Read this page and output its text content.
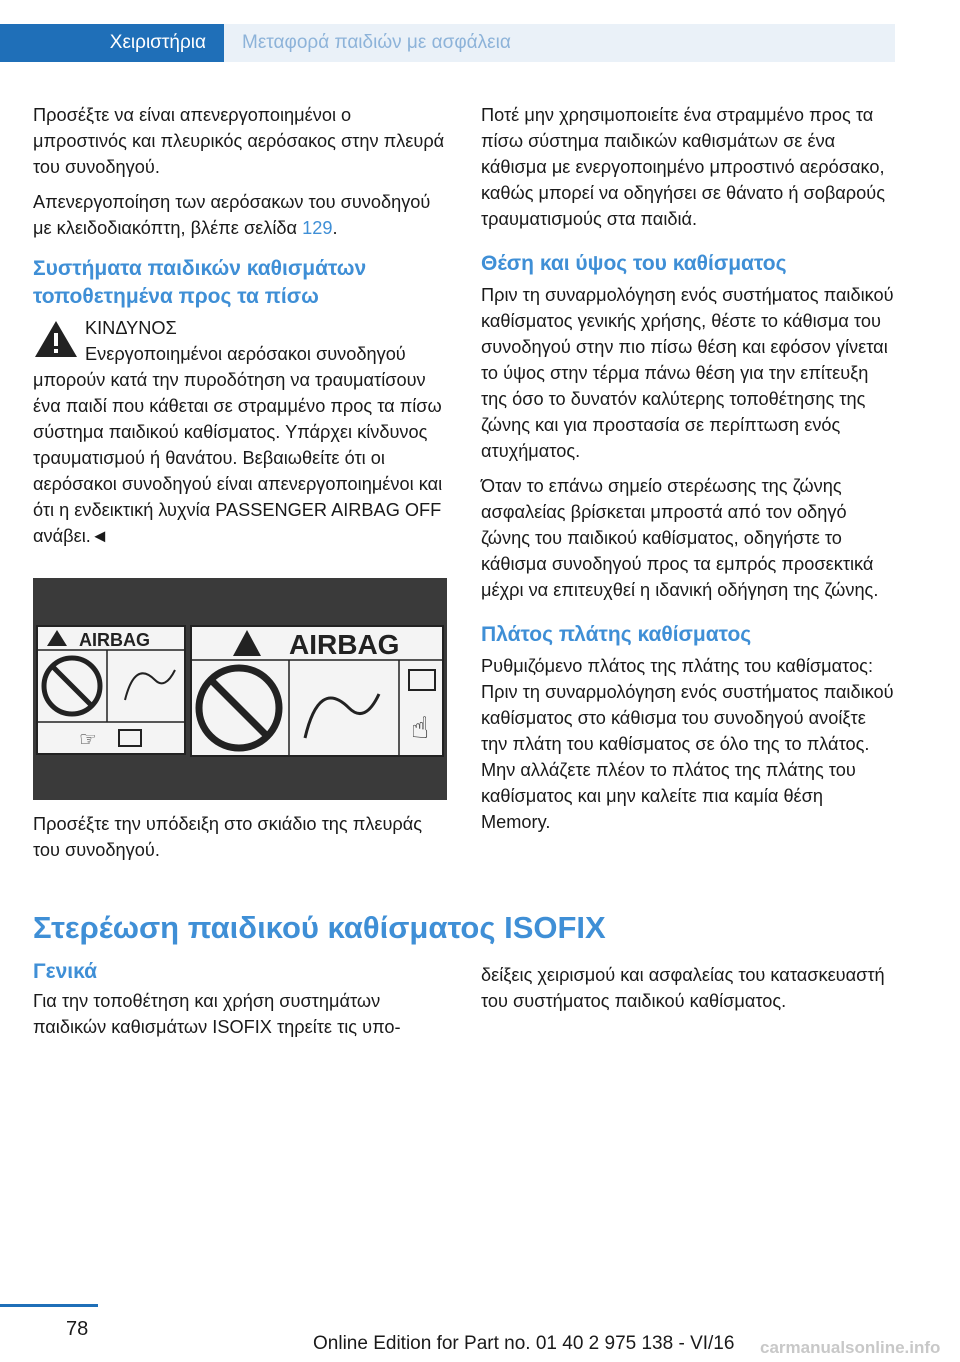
Χειριστήρια	Μεταφορά παιδιών με ασφάλεια

Προσέξτε να είναι απενεργοποιημένοι ο μπροστινός και πλευρικός αερόσακος στην πλευρά του συνοδηγού.

Απενεργοποίηση των αερόσακων του συνοδηγού με κλειδοδιακόπτη, βλέπε σελίδα 129.

Συστήματα παιδικών καθισμάτων τοποθετημένα προς τα πίσω
ΚΙΝΔΥΝΟΣ
Ενεργοποιημένοι αερόσακοι συνοδηγού

μπορούν κατά την πυροδότηση να τραυματίσουν ένα παιδί που κάθεται σε στραμμένο προς τα πίσω σύστημα παιδικού καθίσματος. Υπάρχει κίνδυνος τραυματισμού ή θανάτου. Βεβαιωθείτε ότι οι αερόσακοι συνοδηγού είναι απενεργοποιημένοι και ότι η ενδεικτική λυχνία PASSENGER AIRBAG OFF ανάβει.◄

AIRBAG
☞
AIRBAG
☝
Προσέξτε την υπόδειξη στο σκιάδιο της πλευράς του συνοδηγού.

Ποτέ μην χρησιμοποιείτε ένα στραμμένο προς τα πίσω σύστημα παιδικών καθισμάτων σε ένα κάθισμα με ενεργοποιημένο μπροστινό αερόσακο, καθώς μπορεί να οδηγήσει σε θάνατο ή σοβαρούς τραυματισμούς στα παιδιά.

Θέση και ύψος του καθίσματος

Πριν τη συναρμολόγηση ενός συστήματος παιδικού καθίσματος γενικής χρήσης, θέστε το κάθισμα του συνοδηγού στην πιο πίσω θέση και εφόσον γίνεται το ύψος στην τέρμα πάνω θέση για την επίτευξη της όσο το δυνατόν καλύτερης τοποθέτησης της ζώνης και για προστασία σε περίπτωση ενός ατυχήματος.

Όταν το επάνω σημείο στερέωσης της ζώνης ασφαλείας βρίσκεται μπροστά από τον οδηγό ζώνης του παιδικού καθίσματος, οδηγήστε το κάθισμα συνοδηγού προς τα εμπρός προσεκτικά μέχρι να επιτευχθεί η ιδανική οδήγηση της ζώνης.

Πλάτος πλάτης καθίσματος

Ρυθμιζόμενο πλάτος της πλάτης του καθίσματος: Πριν τη συναρμολόγηση ενός συστήματος παιδικού καθίσματος στο κάθισμα του συνοδηγού ανοίξτε την πλάτη του καθίσματος σε όλο της το πλάτος. Μην αλλάζετε πλέον το πλάτος της πλάτης του καθίσματος και μην καλείτε πια καμία θέση Memory.

Στερέωση παιδικού καθίσματος ISOFIX
Γενικά

Για την τοποθέτηση και χρήση συστημάτων παιδικών καθισμάτων ISOFIX τηρείτε τις υπο-

δείξεις χειρισμού και ασφαλείας του κατασκευαστή του συστήματος παιδικού καθίσματος.

78
Online Edition for Part no. 01 40 2 975 138 - VI/16 carmanualsonline.info
